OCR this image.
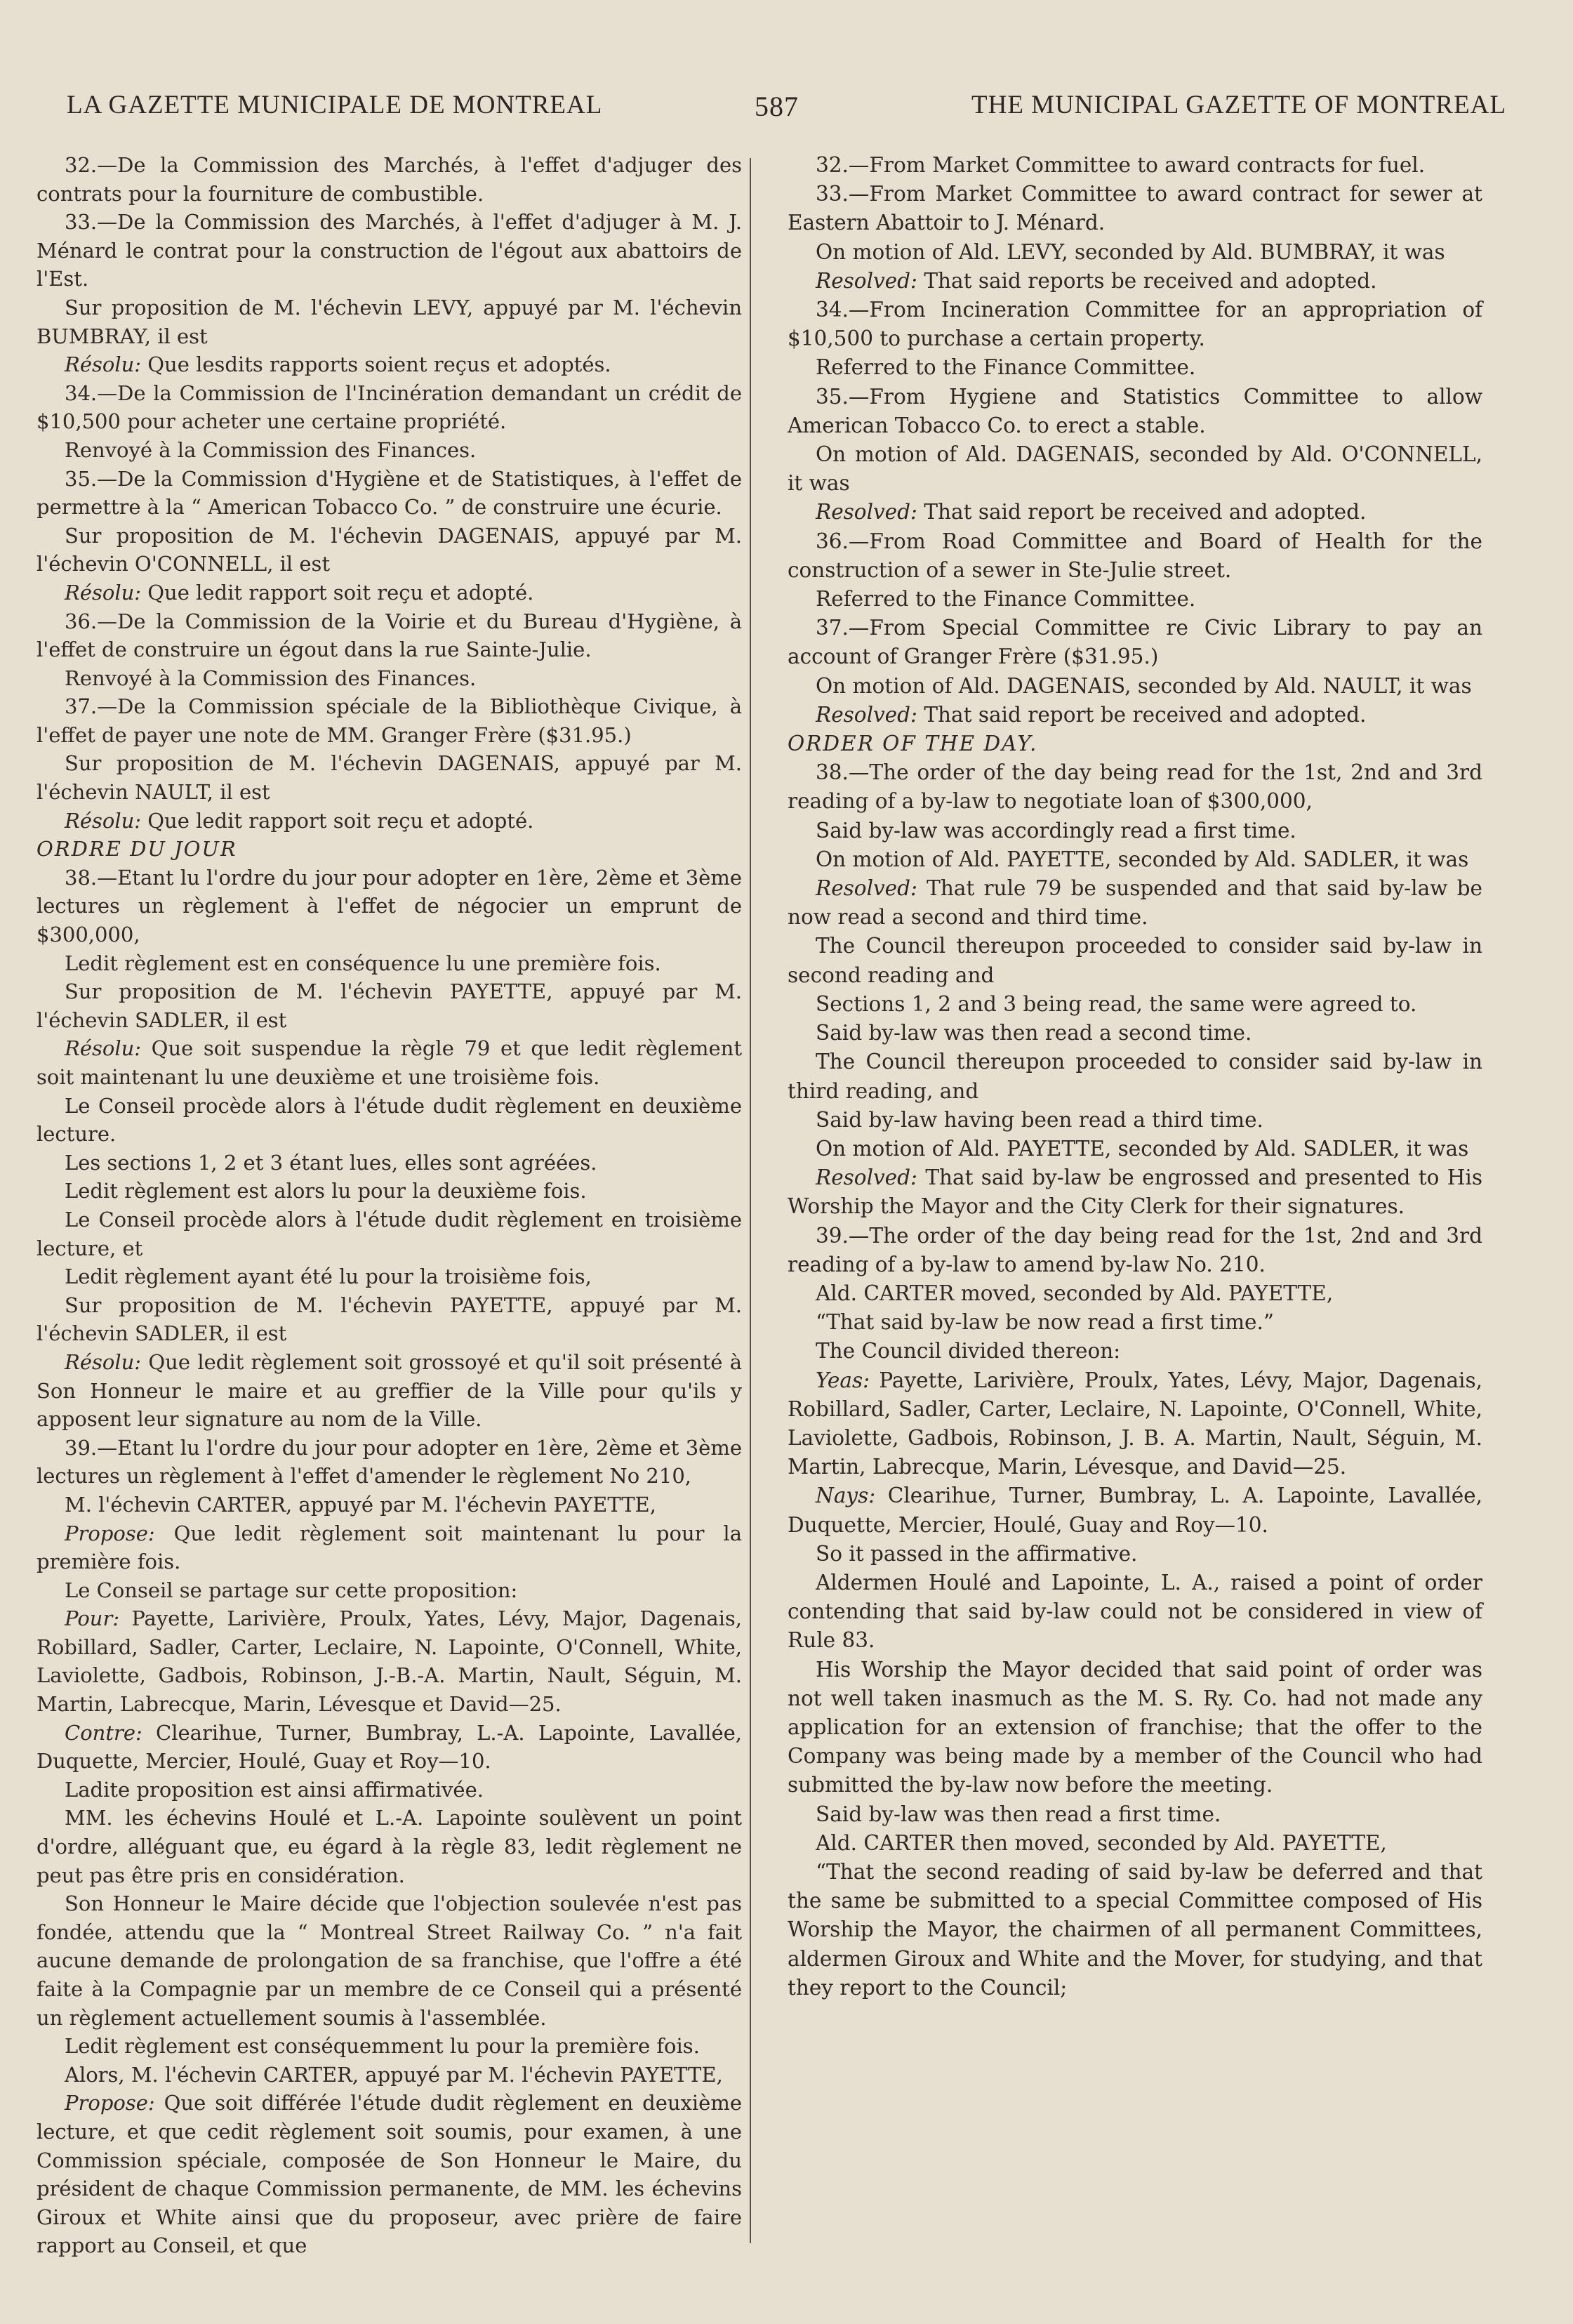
LA GAZETTE MUNICIPALE DE MONTREAL	587	THE MUNICIPAL GAZETTE OF MONTREAL

32.—De la Commission des Marchés, à l'effet d'adjuger des contrats pour la fourniture de combustible.

33.—De la Commission des Marchés, à l'effet d'adjuger à M. J. Ménard le contrat pour la construction de l'égout aux abattoirs de l'Est.

Sur proposition de M. l'échevin LEVY, appuyé par M. l'échevin BUMBRAY, il est

Résolu: Que lesdits rapports soient reçus et adoptés.

34.—De la Commission de l'Incinération demandant un crédit de $10,500 pour acheter une certaine propriété.

Renvoyé à la Commission des Finances.

35.—De la Commission d'Hygiène et de Statistiques, à l'effet de permettre à la “ American Tobacco Co. ” de construire une écurie.

Sur proposition de M. l'échevin DAGENAIS, appuyé par M. l'échevin O'CONNELL, il est

Résolu: Que ledit rapport soit reçu et adopté.

36.—De la Commission de la Voirie et du Bureau d'Hygiène, à l'effet de construire un égout dans la rue Sainte-Julie.

Renvoyé à la Commission des Finances.

37.—De la Commission spéciale de la Bibliothèque Civique, à l'effet de payer une note de MM. Granger Frère ($31.95.)

Sur proposition de M. l'échevin DAGENAIS, appuyé par M. l'échevin NAULT, il est

Résolu: Que ledit rapport soit reçu et adopté.

ORDRE DU JOUR

38.—Etant lu l'ordre du jour pour adopter en 1ère, 2ème et 3ème lectures un règlement à l'effet de négocier un emprunt de $300,000,

Ledit règlement est en conséquence lu une première fois.

Sur proposition de M. l'échevin PAYETTE, appuyé par M. l'échevin SADLER, il est

Résolu: Que soit suspendue la règle 79 et que ledit règlement soit maintenant lu une deuxième et une troisième fois.

Le Conseil procède alors à l'étude dudit règlement en deuxième lecture.

Les sections 1, 2 et 3 étant lues, elles sont agréées.

Ledit règlement est alors lu pour la deuxième fois.

Le Conseil procède alors à l'étude dudit règlement en troisième lecture, et

Ledit règlement ayant été lu pour la troisième fois,

Sur proposition de M. l'échevin PAYETTE, appuyé par M. l'échevin SADLER, il est

Résolu: Que ledit règlement soit grossoyé et qu'il soit présenté à Son Honneur le maire et au greffier de la Ville pour qu'ils y apposent leur signature au nom de la Ville.

39.—Etant lu l'ordre du jour pour adopter en 1ère, 2ème et 3ème lectures un règlement à l'effet d'amender le règlement No 210,

M. l'échevin CARTER, appuyé par M. l'échevin PAYETTE,

Propose: Que ledit règlement soit maintenant lu pour la première fois.

Le Conseil se partage sur cette proposition:

Pour: Payette, Larivière, Proulx, Yates, Lévy, Major, Dagenais, Robillard, Sadler, Carter, Leclaire, N. Lapointe, O'Connell, White, Laviolette, Gadbois, Robinson, J.-B.-A. Martin, Nault, Séguin, M. Martin, Labrecque, Marin, Lévesque et David—25.

Contre: Clearihue, Turner, Bumbray, L.-A. Lapointe, Lavallée, Duquette, Mercier, Houlé, Guay et Roy—10.

Ladite proposition est ainsi affirmativée.

MM. les échevins Houlé et L.-A. Lapointe soulèvent un point d'ordre, alléguant que, eu égard à la règle 83, ledit règlement ne peut pas être pris en considération.

Son Honneur le Maire décide que l'objection soulevée n'est pas fondée, attendu que la “ Montreal Street Railway Co. ” n'a fait aucune demande de prolongation de sa franchise, que l'offre a été faite à la Compagnie par un membre de ce Conseil qui a présenté un règlement actuellement soumis à l'assemblée.

Ledit règlement est conséquemment lu pour la première fois.

Alors, M. l'échevin CARTER, appuyé par M. l'échevin PAYETTE,

Propose: Que soit différée l'étude dudit règlement en deuxième lecture, et que cedit règlement soit soumis, pour examen, à une Commission spéciale, composée de Son Honneur le Maire, du président de chaque Commission permanente, de MM. les échevins Giroux et White ainsi que du proposeur, avec prière de faire rapport au Conseil, et que

32.—From Market Committee to award contracts for fuel.

33.—From Market Committee to award contract for sewer at Eastern Abattoir to J. Ménard.

On motion of Ald. LEVY, seconded by Ald. BUMBRAY, it was

Resolved: That said reports be received and adopted.

34.—From Incineration Committee for an appropriation of $10,500 to purchase a certain property.

Referred to the Finance Committee.

35.—From Hygiene and Statistics Committee to allow American Tobacco Co. to erect a stable.

On motion of Ald. DAGENAIS, seconded by Ald. O'CONNELL, it was

Resolved: That said report be received and adopted.

36.—From Road Committee and Board of Health for the construction of a sewer in Ste-Julie street.

Referred to the Finance Committee.

37.—From Special Committee re Civic Library to pay an account of Granger Frère ($31.95.)

On motion of Ald. DAGENAIS, seconded by Ald. NAULT, it was

Resolved: That said report be received and adopted.

ORDER OF THE DAY.

38.—The order of the day being read for the 1st, 2nd and 3rd reading of a by-law to negotiate loan of $300,000,

Said by-law was accordingly read a first time.

On motion of Ald. PAYETTE, seconded by Ald. SADLER, it was

Resolved: That rule 79 be suspended and that said by-law be now read a second and third time.

The Council thereupon proceeded to consider said by-law in second reading and

Sections 1, 2 and 3 being read, the same were agreed to.

Said by-law was then read a second time.

The Council thereupon proceeded to consider said by-law in third reading, and

Said by-law having been read a third time.

On motion of Ald. PAYETTE, seconded by Ald. SADLER, it was

Resolved: That said by-law be engrossed and presented to His Worship the Mayor and the City Clerk for their signatures.

39.—The order of the day being read for the 1st, 2nd and 3rd reading of a by-law to amend by-law No. 210.

Ald. CARTER moved, seconded by Ald. PAYETTE,

“That said by-law be now read a first time.”

The Council divided thereon:

Yeas: Payette, Larivière, Proulx, Yates, Lévy, Major, Dagenais, Robillard, Sadler, Carter, Leclaire, N. Lapointe, O'Connell, White, Laviolette, Gadbois, Robinson, J. B. A. Martin, Nault, Séguin, M. Martin, Labrecque, Marin, Lévesque, and David—25.

Nays: Clearihue, Turner, Bumbray, L. A. Lapointe, Lavallée, Duquette, Mercier, Houlé, Guay and Roy—10.

So it passed in the affirmative.

Aldermen Houlé and Lapointe, L. A., raised a point of order contending that said by-law could not be considered in view of Rule 83.

His Worship the Mayor decided that said point of order was not well taken inasmuch as the M. S. Ry. Co. had not made any application for an extension of franchise; that the offer to the Company was being made by a member of the Council who had submitted the by-law now before the meeting.

Said by-law was then read a first time.

Ald. CARTER then moved, seconded by Ald. PAYETTE,

“That the second reading of said by-law be deferred and that the same be submitted to a special Committee composed of His Worship the Mayor, the chairmen of all permanent Committees, aldermen Giroux and White and the Mover, for studying, and that they report to the Council;
